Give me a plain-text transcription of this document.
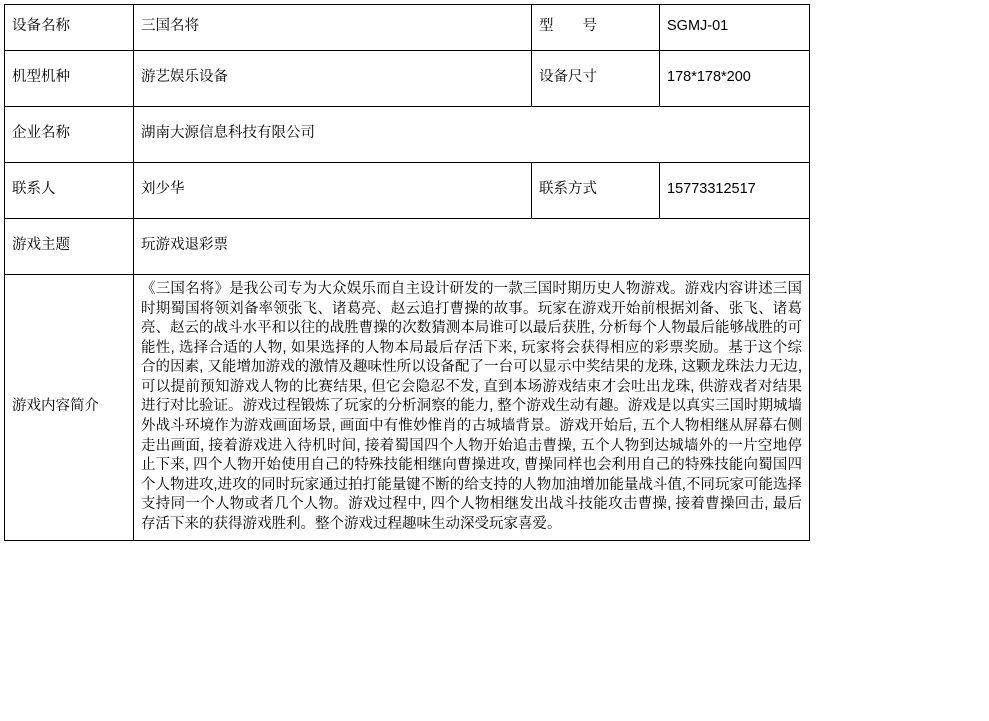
设备名称	三国名将	型　　号	SGMJ-01
机型机种	游艺娱乐设备	设备尺寸	178*178*200
企业名称	湖南大源信息科技有限公司		
联系人	刘少华	联系方式	15773312517
游戏主题	玩游戏退彩票		
游戏内容简介	《三国名将》是我公司专为大众娱乐而自主设计研发的一款三国时期历史人物游戏。游戏内容讲述三国时期蜀国将领刘备率领张飞、诸葛亮、赵云追打曹操的故事。玩家在游戏开始前根据刘备、张飞、诸葛亮、赵云的战斗水平和以往的战胜曹操的次数猜测本局谁可以最后获胜, 分析每个人物最后能够战胜的可能性, 选择合适的人物, 如果选择的人物本局最后存活下来, 玩家将会获得相应的彩票奖励。基于这个综合的因素, 又能增加游戏的激情及趣味性所以设备配了一台可以显示中奖结果的龙珠, 这颗龙珠法力无边, 可以提前预知游戏人物的比赛结果, 但它会隐忍不发, 直到本场游戏结束才会吐出龙珠, 供游戏者对结果进行对比验证。游戏过程锻炼了玩家的分析洞察的能力, 整个游戏生动有趣。游戏是以真实三国时期城墙外战斗环境作为游戏画面场景, 画面中有惟妙惟肖的古城墙背景。游戏开始后, 五个人物相继从屏幕右侧走出画面, 接着游戏进入待机时间, 接着蜀国四个人物开始追击曹操, 五个人物到达城墙外的一片空地停止下来, 四个人物开始使用自己的特殊技能相继向曹操进攻, 曹操同样也会利用自己的特殊技能向蜀国四个人物进攻,进攻的同时玩家通过拍打能量键不断的给支持的人物加油增加能量战斗值,不同玩家可能选择支持同一个人物或者几个人物。游戏过程中, 四个人物相继发出战斗技能攻击曹操, 接着曹操回击, 最后存活下来的获得游戏胜利。整个游戏过程趣味生动深受玩家喜爱。		
